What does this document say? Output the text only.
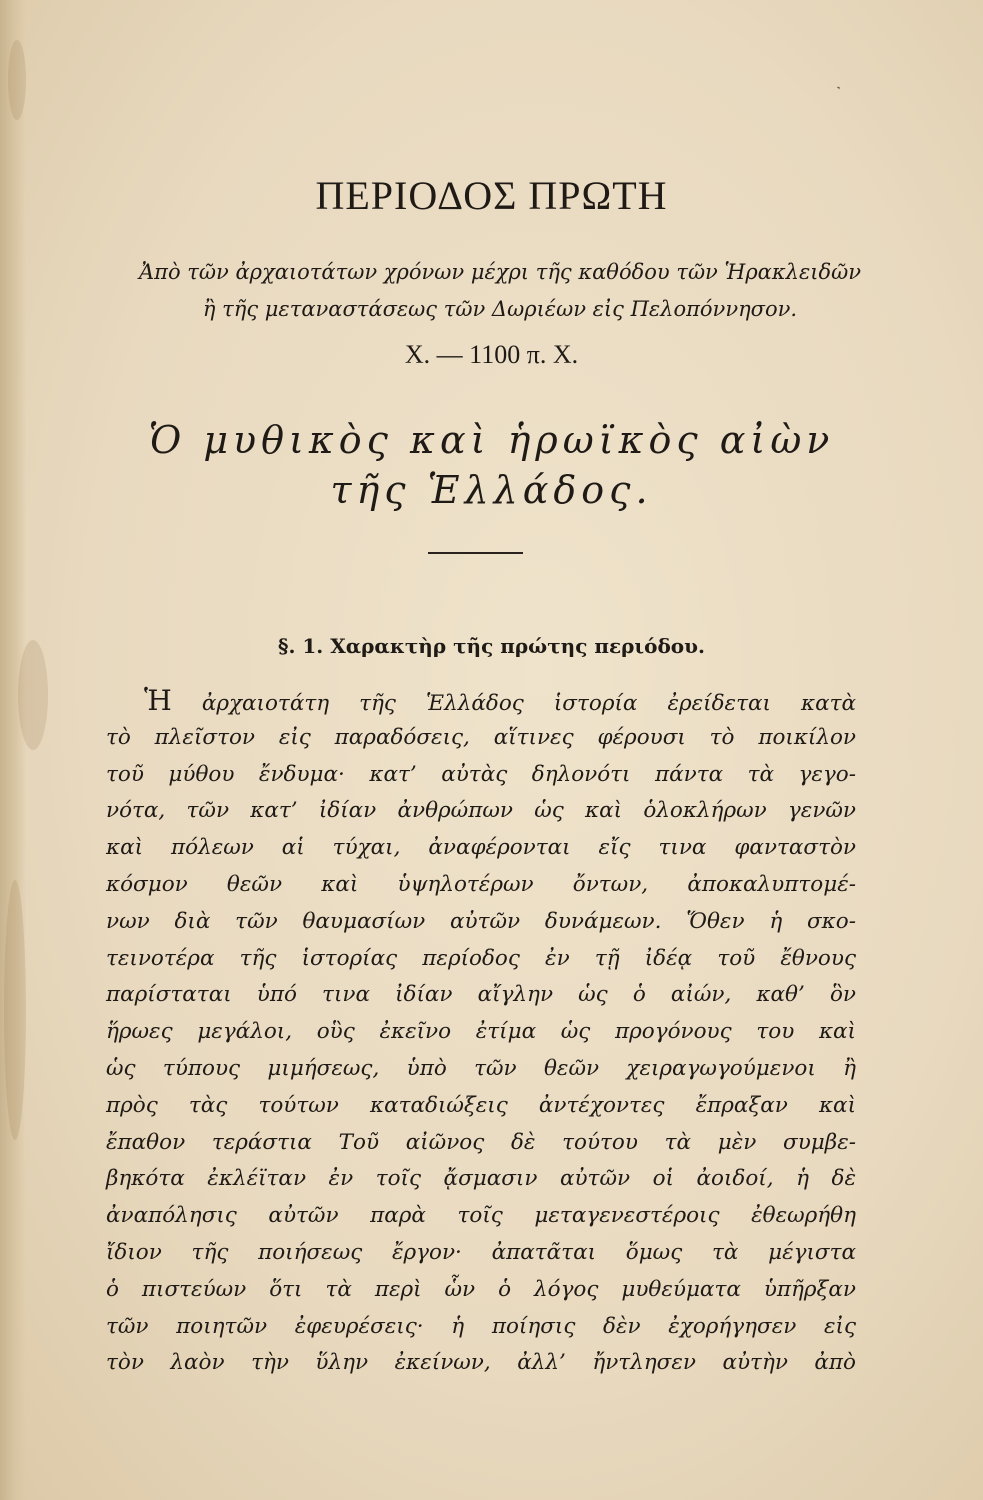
˺
ΠΕΡΙΟΔΟΣ ΠΡΩΤΗ
Ἀπὸ τῶν ἀρχαιοτάτων χρόνων μέχρι τῆς καθόδου τῶν Ἡρακλειδῶν
ἢ τῆς μεταναστάσεως τῶν Δωριέων εἰς Πελοπόννησον.
Χ. — 1100 π. Χ.
Ὁ μυθικὸς καὶ ἡρωϊκὸς αἰὼν
τῆς Ἑλλάδος.
§. 1. Χαρακτὴρ τῆς πρώτης περιόδου.
Ἡ ἀρχαιοτάτη τῆς Ἑλλάδος ἱστορία ἐρείδεται κατὰ
τὸ πλεῖστον εἰς παραδόσεις, αἵτινες φέρουσι τὸ ποικίλον
τοῦ μύθου ἔνδυμα· κατ’ αὐτὰς δηλονότι πάντα τὰ γεγο-
νότα, τῶν κατ’ ἰδίαν ἀνθρώπων ὡς καὶ ὁλοκλήρων γενῶν
καὶ πόλεων αἱ τύχαι, ἀναφέρονται εἴς τινα φανταστὸν
κόσμον θεῶν καὶ ὑψηλοτέρων ὄντων, ἀποκαλυπτομέ-
νων διὰ τῶν θαυμασίων αὐτῶν δυνάμεων. Ὅθεν ἡ σκο-
τεινοτέρα τῆς ἱστορίας περίοδος ἐν τῇ ἰδέᾳ τοῦ ἔθνους
παρίσταται ὑπό τινα ἰδίαν αἴγλην ὡς ὁ αἰών, καθ’ ὃν
ἥρωες μεγάλοι, οὓς ἐκεῖνο ἐτίμα ὡς προγόνους του καὶ
ὡς τύπους μιμήσεως, ὑπὸ τῶν θεῶν χειραγωγούμενοι ἢ
πρὸς τὰς τούτων καταδιώξεις ἀντέχοντες ἔπραξαν καὶ
ἔπαθον τεράστια Τοῦ αἰῶνος δὲ τούτου τὰ μὲν συμβε-
βηκότα ἐκλέϊταν ἐν τοῖς ᾄσμασιν αὐτῶν οἱ ἀοιδοί, ἡ δὲ
ἀναπόλησις αὐτῶν παρὰ τοῖς μεταγενεστέροις ἐθεωρήθη
ἴδιον τῆς ποιήσεως ἔργον· ἀπατᾶται ὅμως τὰ μέγιστα
ὁ πιστεύων ὅτι τὰ περὶ ὧν ὁ λόγος μυθεύματα ὑπῆρξαν
τῶν ποιητῶν ἐφευρέσεις· ἡ ποίησις δὲν ἐχορήγησεν εἰς
τὸν λαὸν τὴν ὕλην ἐκείνων, ἀλλ’ ἤντλησεν αὐτὴν ἀπὸ
